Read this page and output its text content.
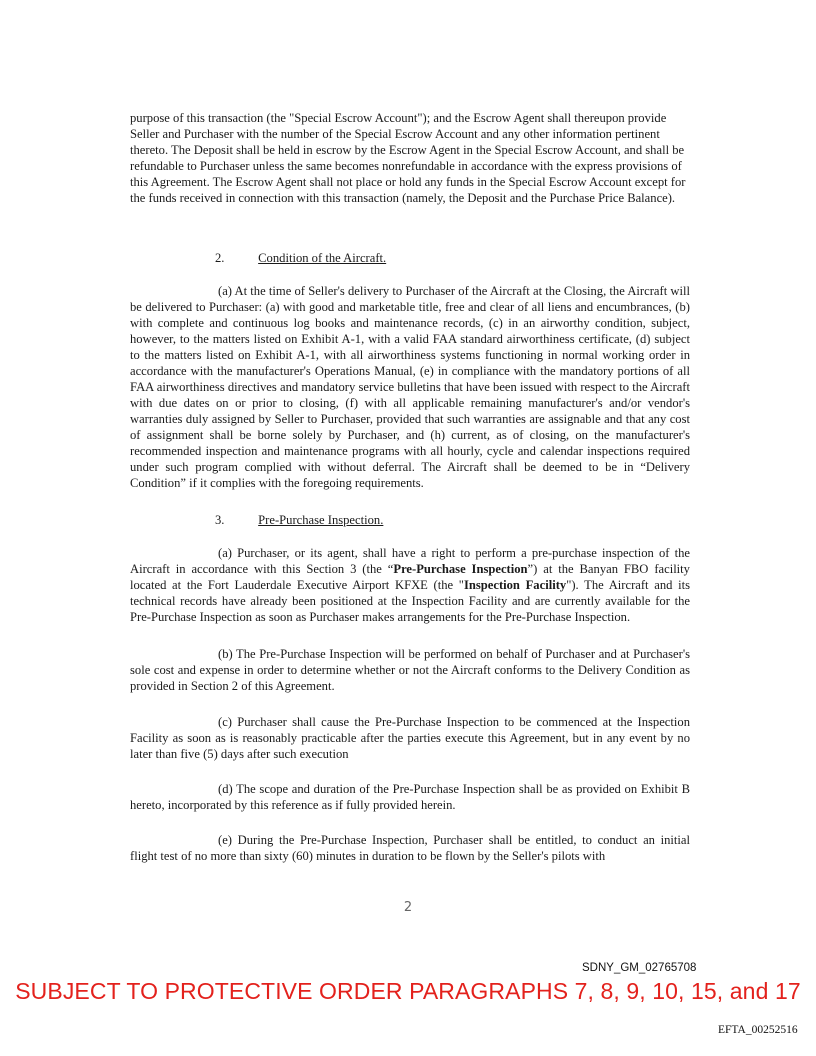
purpose of this transaction (the "Special Escrow Account"); and the Escrow Agent shall thereupon provide Seller and Purchaser with the number of the Special Escrow Account and any other information pertinent thereto. The Deposit shall be held in escrow by the Escrow Agent in the Special Escrow Account, and shall be refundable to Purchaser unless the same becomes nonrefundable in accordance with the express provisions of this Agreement. The Escrow Agent shall not place or hold any funds in the Special Escrow Account except for the funds received in connection with this transaction (namely, the Deposit and the Purchase Price Balance).

2.	Condition of the Aircraft.

(a) At the time of Seller's delivery to Purchaser of the Aircraft at the Closing, the Aircraft will be delivered to Purchaser: (a) with good and marketable title, free and clear of all liens and encumbrances, (b) with complete and continuous log books and maintenance records, (c) in an airworthy condition, subject, however, to the matters listed on Exhibit A-1, with a valid FAA standard airworthiness certificate, (d) subject to the matters listed on Exhibit A-1, with all airworthiness systems functioning in normal working order in accordance with the manufacturer's Operations Manual, (e) in compliance with the mandatory portions of all FAA airworthiness directives and mandatory service bulletins that have been issued with respect to the Aircraft with due dates on or prior to closing, (f) with all applicable remaining manufacturer's and/or vendor's warranties duly assigned by Seller to Purchaser, provided that such warranties are assignable and that any cost of assignment shall be borne solely by Purchaser, and (h) current, as of closing, on the manufacturer's recommended inspection and maintenance programs with all hourly, cycle and calendar inspections required under such program complied with without deferral. The Aircraft shall be deemed to be in “Delivery Condition” if it complies with the foregoing requirements.

3.	Pre-Purchase Inspection.

(a) Purchaser, or its agent, shall have a right to perform a pre-purchase inspection of the Aircraft in accordance with this Section 3 (the “Pre-Purchase Inspection”) at the Banyan FBO facility located at the Fort Lauderdale Executive Airport KFXE (the "Inspection Facility"). The Aircraft and its technical records have already been positioned at the Inspection Facility and are currently available for the Pre-Purchase Inspection as soon as Purchaser makes arrangements for the Pre-Purchase Inspection.

(b) The Pre-Purchase Inspection will be performed on behalf of Purchaser and at Purchaser's sole cost and expense in order to determine whether or not the Aircraft conforms to the Delivery Condition as provided in Section 2 of this Agreement.

(c) Purchaser shall cause the Pre-Purchase Inspection to be commenced at the Inspection Facility as soon as is reasonably practicable after the parties execute this Agreement, but in any event by no later than five (5) days after such execution

(d) The scope and duration of the Pre-Purchase Inspection shall be as provided on Exhibit B hereto, incorporated by this reference as if fully provided herein.

(e) During the Pre-Purchase Inspection, Purchaser shall be entitled, to conduct an initial flight test of no more than sixty (60) minutes in duration to be flown by the Seller's pilots with

2
SDNY_GM_02765708
SUBJECT TO PROTECTIVE ORDER PARAGRAPHS 7, 8, 9, 10, 15, and 17
EFTA_00252516
